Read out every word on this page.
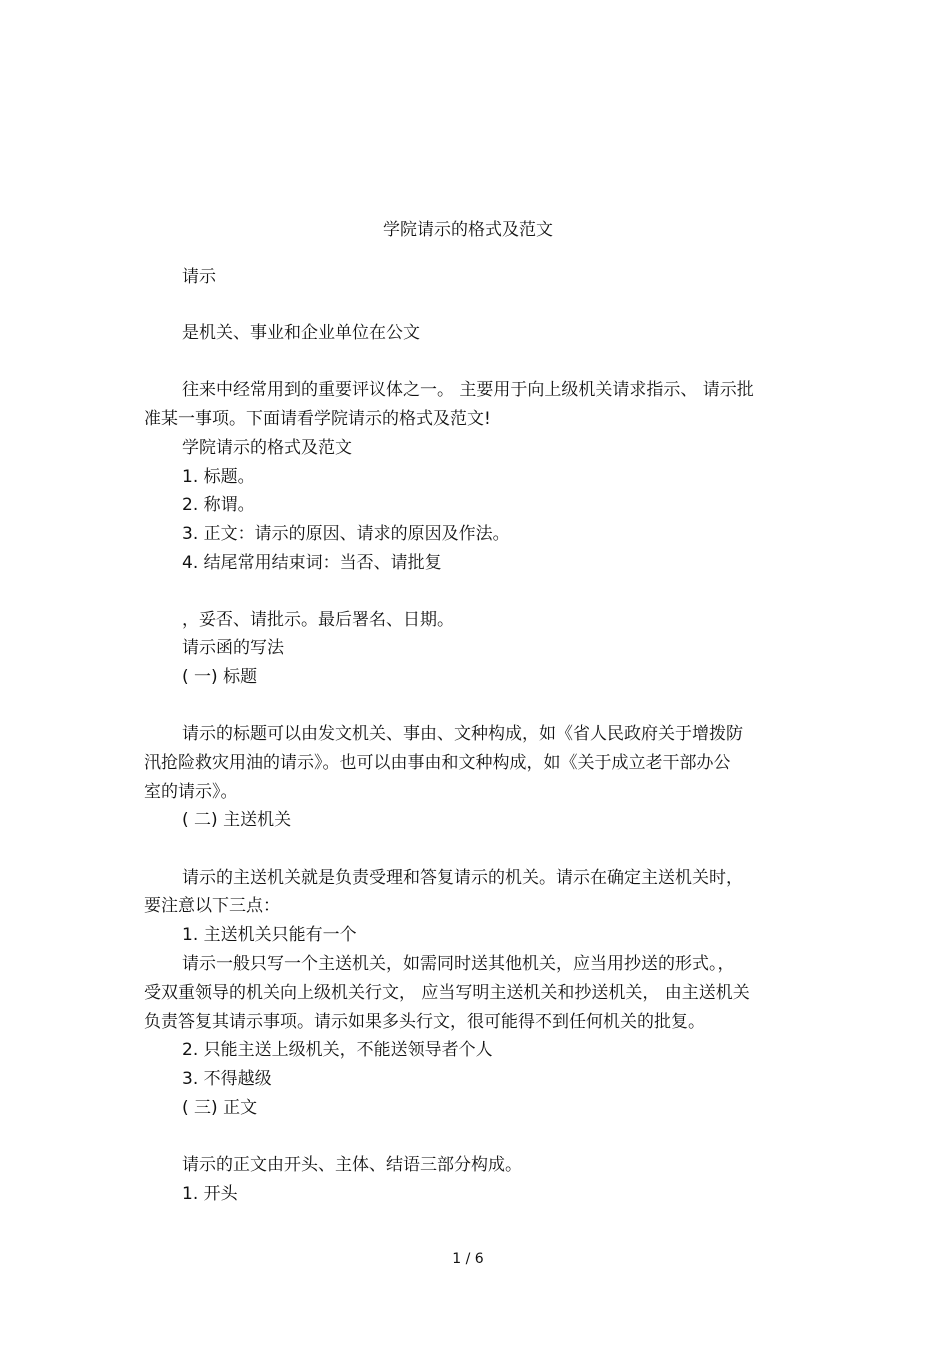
学院请示的格式及范文
请示
是机关、事业和企业单位在公文
往来中经常用到的重要评议体之一。 主要用于向上级机关请求指示、 请示批
准某一事项。下面请看学院请示的格式及范文!
学院请示的格式及范文
1. 标题。
2. 称谓。
3. 正文：请示的原因、请求的原因及作法。
4. 结尾常用结束词：当否、请批复
，妥否、请批示。最后署名、日期。
请示函的写法
( 一) 标题
请示的标题可以由发文机关、事由、文种构成，如《省人民政府关于增拨防
汛抢险救灾用油的请示》。也可以由事由和文种构成，如《关于成立老干部办公
室的请示》。
( 二) 主送机关
请示的主送机关就是负责受理和答复请示的机关。请示在确定主送机关时，
要注意以下三点：
1. 主送机关只能有一个
请示一般只写一个主送机关，如需同时送其他机关，应当用抄送的形式。，
受双重领导的机关向上级机关行文， 应当写明主送机关和抄送机关， 由主送机关
负责答复其请示事项。请示如果多头行文，很可能得不到任何机关的批复。
2. 只能主送上级机关，不能送领导者个人
3. 不得越级
( 三) 正文
请示的正文由开头、主体、结语三部分构成。
1. 开头
1 / 6
